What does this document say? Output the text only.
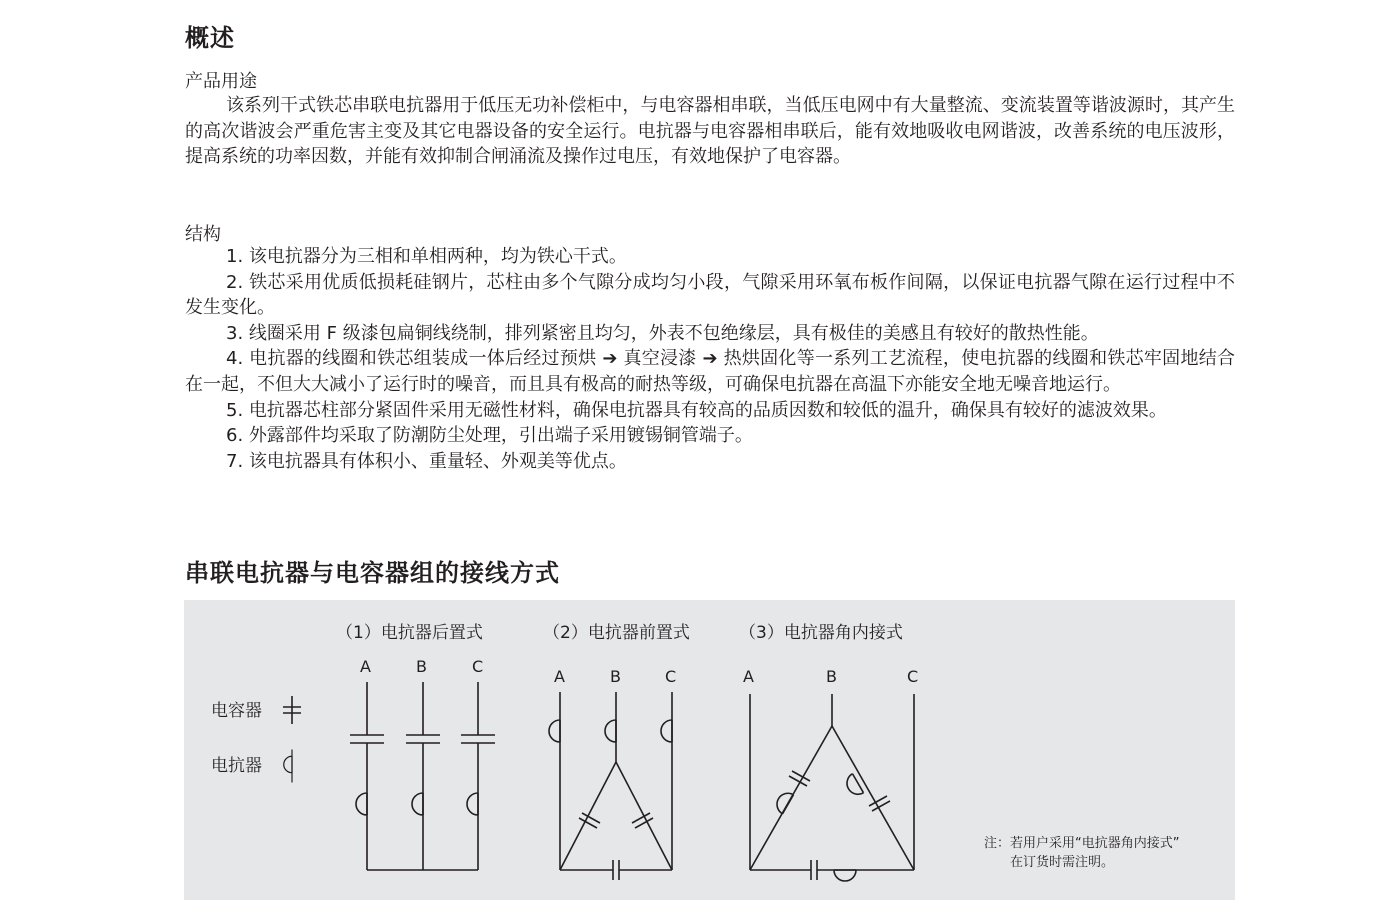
概述
产品用途

该系列干式铁芯串联电抗器用于低压无功补偿柜中，与电容器相串联，当低压电网中有大量整流、变流装置等谐波源时，其产生的高次谐波会严重危害主变及其它电器设备的安全运行。电抗器与电容器相串联后，能有效地吸收电网谐波，改善系统的电压波形，提高系统的功率因数，并能有效抑制合闸涌流及操作过电压，有效地保护了电容器。

结构
1. 该电抗器分为三相和单相两种，均为铁心干式。
2. 铁芯采用优质低损耗硅钢片，芯柱由多个气隙分成均匀小段，气隙采用环氧布板作间隔，以保证电抗器气隙在运行过程中不发生变化。
3. 线圈采用 F 级漆包扁铜线绕制，排列紧密且均匀，外表不包绝缘层，具有极佳的美感且有较好的散热性能。
4. 电抗器的线圈和铁芯组装成一体后经过预烘 ➔ 真空浸漆 ➔ 热烘固化等一系列工艺流程，使电抗器的线圈和铁芯牢固地结合在一起，不但大大减小了运行时的噪音，而且具有极高的耐热等级，可确保电抗器在高温下亦能安全地无噪音地运行。
5. 电抗器芯柱部分紧固件采用无磁性材料，确保电抗器具有较高的品质因数和较低的温升，确保具有较好的滤波效果。
6. 外露部件均采取了防潮防尘处理，引出端子采用镀锡铜管端子。
7. 该电抗器具有体积小、重量轻、外观美等优点。
串联电抗器与电容器组的接线方式
电容器
电抗器
（1）电抗器后置式
A	B	C
（2）电抗器前置式
A	B	C
（3）电抗器角内接式
A	B	C
注：若用户采用“电抗器角内接式”
在订货时需注明。
